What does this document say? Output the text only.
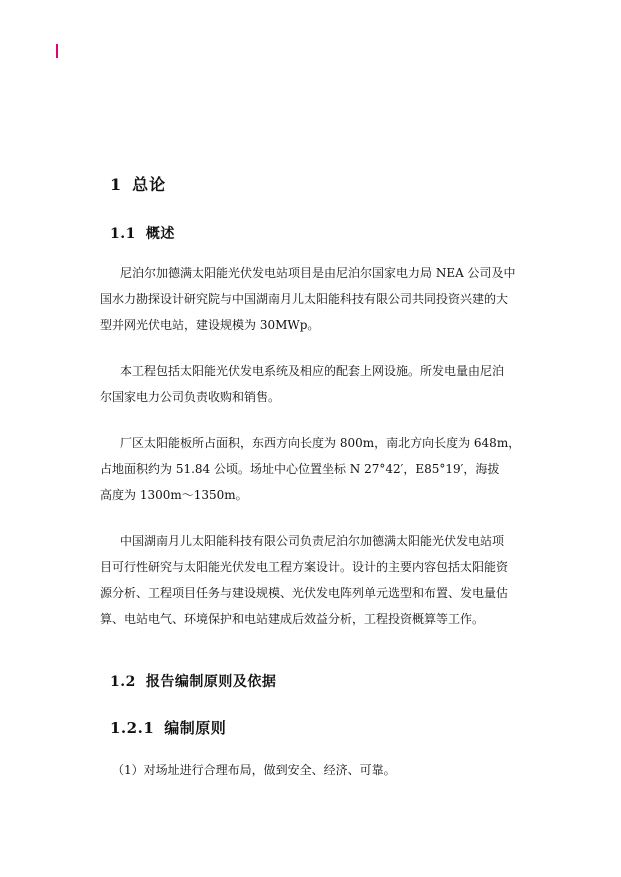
1 总论
1.1 概述

尼泊尔加德满太阳能光伏发电站项目是由尼泊尔国家电力局 NEA 公司及中
国水力勘探设计研究院与中国湖南月儿太阳能科技有限公司共同投资兴建的大
型并网光伏电站，建设规模为 30MWp。

本工程包括太阳能光伏发电系统及相应的配套上网设施。所发电量由尼泊
尔国家电力公司负责收购和销售。

厂区太阳能板所占面积，东西方向长度为 800m，南北方向长度为 648m，
占地面积约为 51.84 公顷。场址中心位置坐标 N 27°42′，E85°19′，海拔
高度为 1300m～1350m。

中国湖南月儿太阳能科技有限公司负责尼泊尔加德满太阳能光伏发电站项
目可行性研究与太阳能光伏发电工程方案设计。设计的主要内容包括太阳能资
源分析、工程项目任务与建设规模、光伏发电阵列单元选型和布置、发电量估
算、电站电气、环境保护和电站建成后效益分析，工程投资概算等工作。

1.2 报告编制原则及依据
1.2.1 编制原则
（1）对场址进行合理布局，做到安全、经济、可靠。
